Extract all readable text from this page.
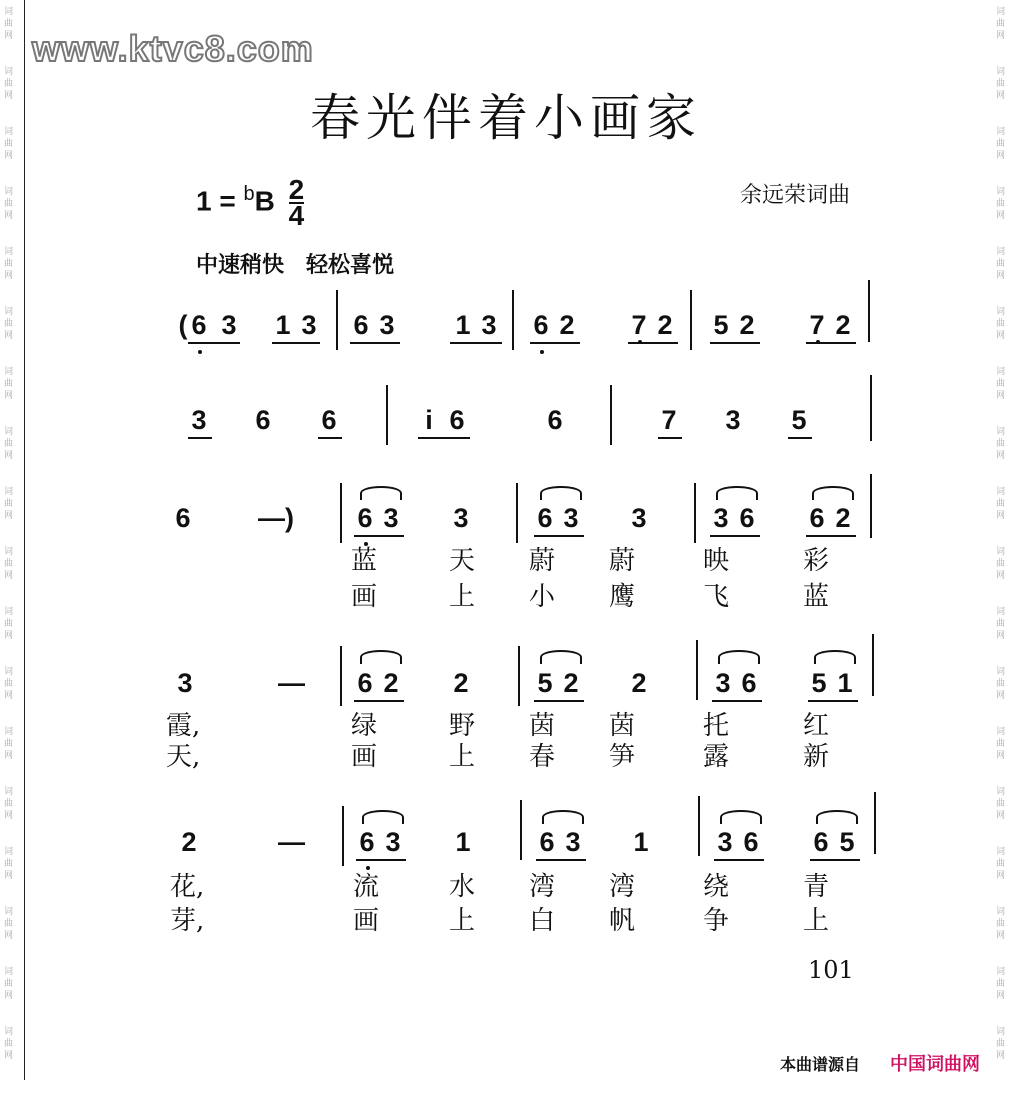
词曲网
词曲网
词曲网
词曲网
词曲网
词曲网
词曲网
词曲网
词曲网
词曲网
词曲网
词曲网
词曲网
词曲网
词曲网
词曲网
词曲网
词曲网
词曲网
词曲网
词曲网
词曲网
词曲网
词曲网
词曲网
词曲网
词曲网
词曲网
词曲网
词曲网
词曲网
词曲网
词曲网
词曲网
词曲网
词曲网
www.ktvc8.com
春光伴着小画家
$1 = ^bB \frac{2}{4}$	余远荣词曲
中速稍快　轻松喜悦
( 6 3 1 3 6 3 1 3 6 2 7 2 5 2 7 2
3 6 6	i 6	6	7 3 5
6 —) 6 3 3	6 3 3 3 6 6 2
蓝	天 蔚 蔚	映	彩
画	上 小 鹰	飞	蓝
3	— 6 2 2	5 2 2	3 6 5 1
霞,	绿	野 茵 茵	托	红
天,	画	上 春 笋	露	新
2	— 6 3 1	6 3 1	3 6 6 5
花,	流	水 湾 湾	绕	青
芽,	画	上 白 帆	争	上
101
本曲谱源自 中国词曲网
